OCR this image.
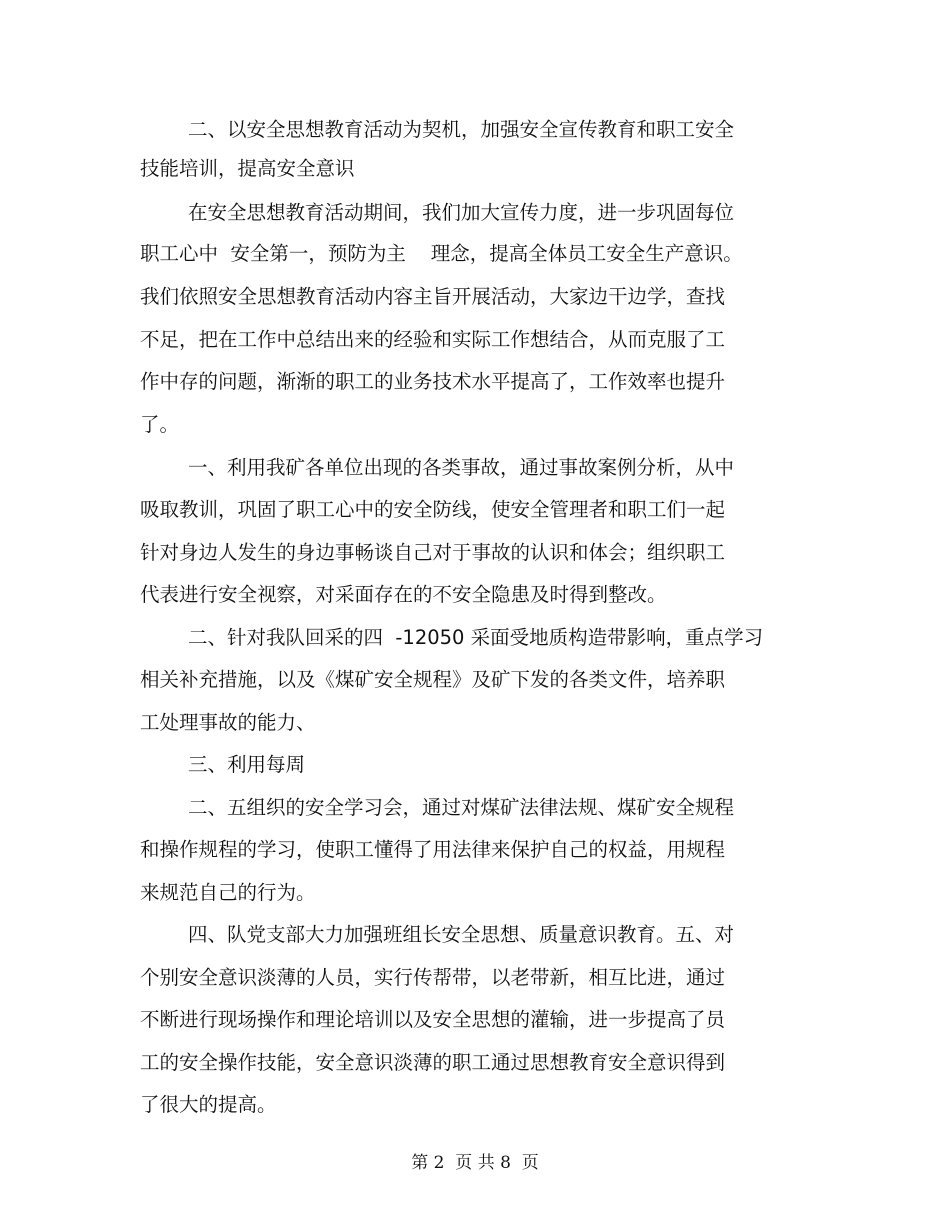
二、以安全思想教育活动为契机，加强安全宣传教育和职工安全
技能培训，提高安全意识
在安全思想教育活动期间，我们加大宣传力度，进一步巩固每位
职工心中  安全第一，预防为主    理念，提高全体员工安全生产意识。
我们依照安全思想教育活动内容主旨开展活动，大家边干边学，查找
不足，把在工作中总结出来的经验和实际工作想结合，从而克服了工
作中存的问题，渐渐的职工的业务技术水平提高了，工作效率也提升
了。
一、利用我矿各单位出现的各类事故，通过事故案例分析，从中
吸取教训，巩固了职工心中的安全防线，使安全管理者和职工们一起
针对身边人发生的身边事畅谈自己对于事故的认识和体会；组织职工
代表进行安全视察，对采面存在的不安全隐患及时得到整改。
二、针对我队回采的四  -12050 采面受地质构造带影响，重点学习
相关补充措施，以及《煤矿安全规程》及矿下发的各类文件，培养职
工处理事故的能力、
三、利用每周
二、五组织的安全学习会，通过对煤矿法律法规、煤矿安全规程
和操作规程的学习，使职工懂得了用法律来保护自己的权益，用规程
来规范自己的行为。
四、队党支部大力加强班组长安全思想、质量意识教育。五、对
个别安全意识淡薄的人员，实行传帮带，以老带新，相互比进，通过
不断进行现场操作和理论培训以及安全思想的灌输，进一步提高了员
工的安全操作技能，安全意识淡薄的职工通过思想教育安全意识得到
了很大的提高。
第 2  页 共 8  页
